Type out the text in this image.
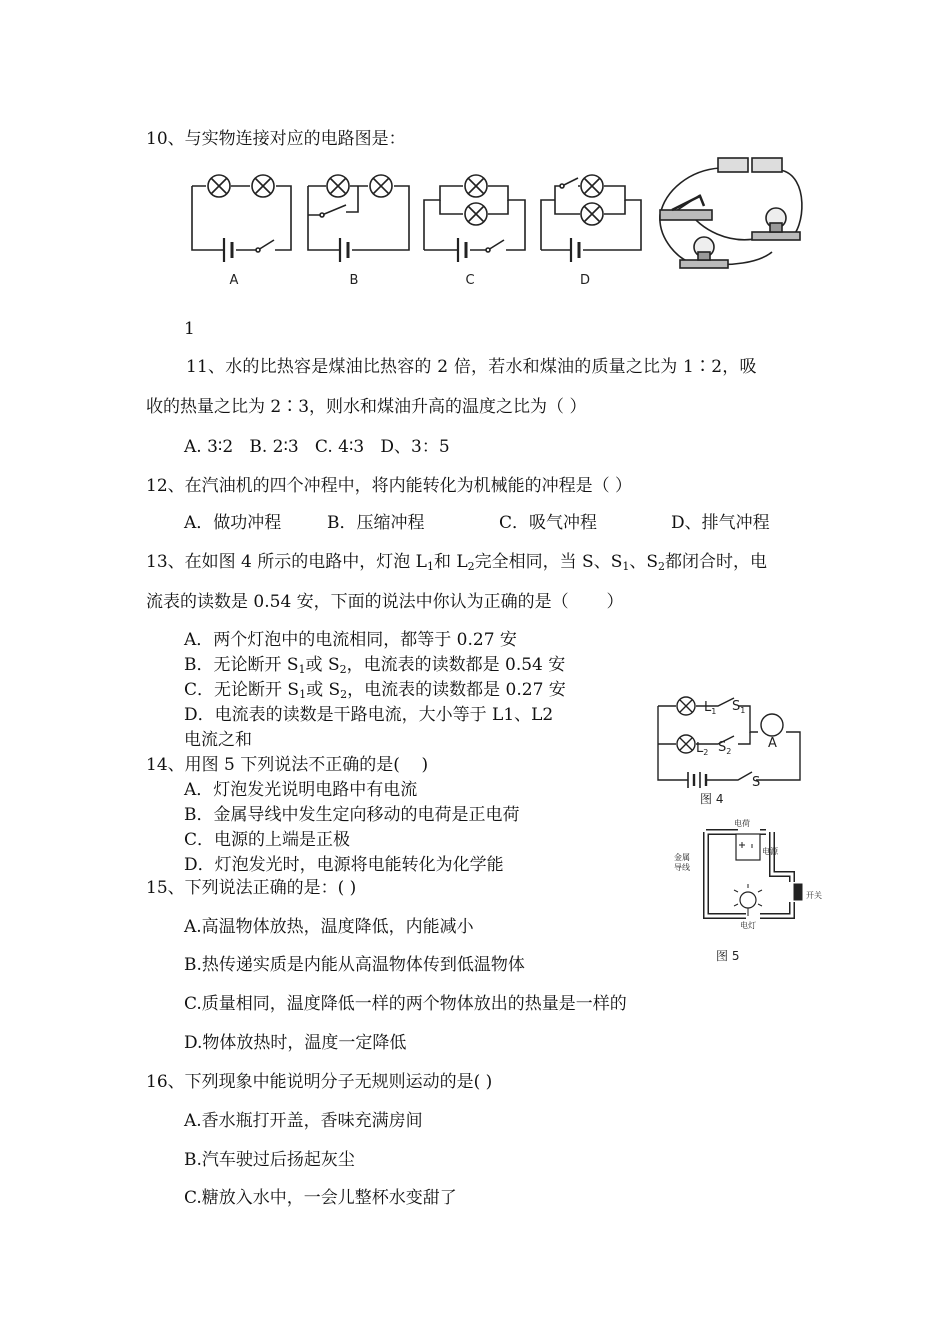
10、与实物连接对应的电路图是：
A	B	C	D
1
11、水的比热容是煤油比热容的 2 倍，若水和煤油的质量之比为 1∶2，吸
收的热量之比为 2∶3，则水和煤油升高的温度之比为（ ）
A. 3∶2   B. 2∶3   C. 4∶3   D、3：5
12、在汽油机的四个冲程中，将内能转化为机械能的冲程是（ ）
A．做功冲程	B．压缩冲程	C．吸气冲程	D、排气冲程
13、在如图 4 所示的电路中，灯泡 $L_1$和 $L_2$完全相同，当 S、$S_1$、$S_2$都闭合时，电
流表的读数是 0.54 安，下面的说法中你认为正确的是（       ）
A．两个灯泡中的电流相同，都等于 0.27 安
B．无论断开 $S_1$或 $S_2$，电流表的读数都是 0.54 安
C．无论断开 $S_1$或 $S_2$，电流表的读数都是 0.27 安
D．电流表的读数是干路电流，大小等于 L1、L2
电流之和
$L_1$ $S_1$
$L_2$ $S_2$
A
S
图 4
14、用图 5 下列说法不正确的是(    )
A．灯泡发光说明电路中有电流
B．金属导线中发生定向移动的电荷是正电荷
C．电源的上端是正极
D．灯泡发光时，电源将电能转化为化学能
电荷
电源
金属
导线
开关
电灯
图 5
15、下列说法正确的是：( )
A.高温物体放热，温度降低，内能减小
B.热传递实质是内能从高温物体传到低温物体
C.质量相同，温度降低一样的两个物体放出的热量是一样的
D.物体放热时，温度一定降低
16、下列现象中能说明分子无规则运动的是( )
A.香水瓶打开盖，香味充满房间
B.汽车驶过后扬起灰尘
C.糖放入水中，一会儿整杯水变甜了
